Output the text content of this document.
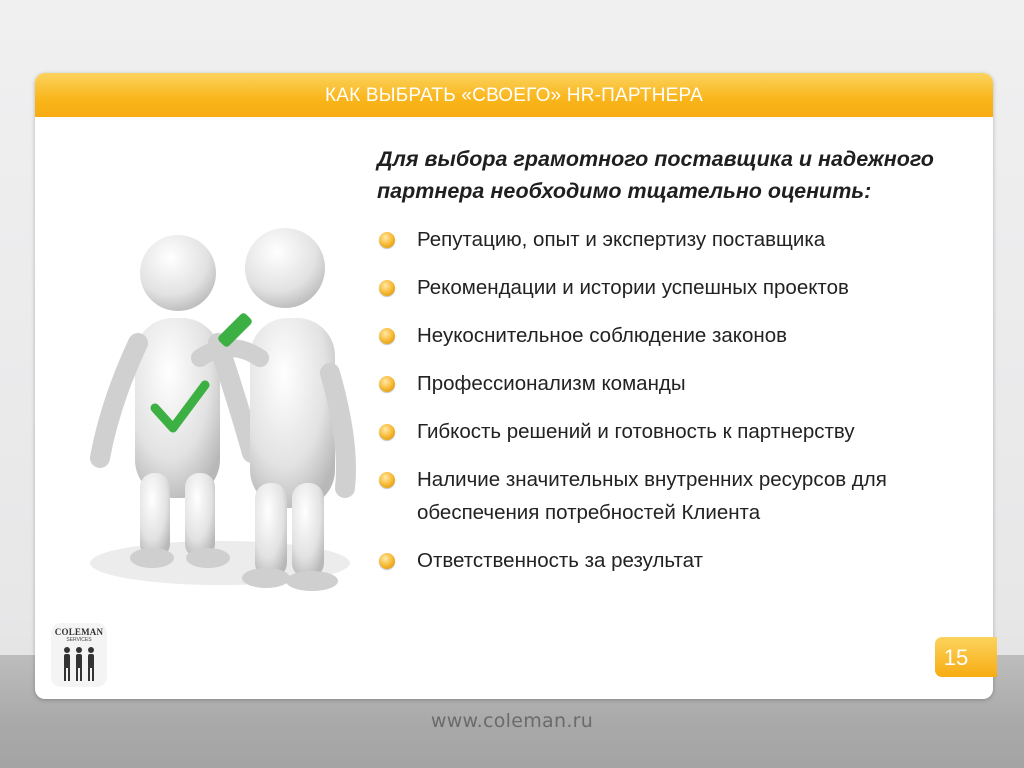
КАК ВЫБРАТЬ «СВОЕГО» HR-ПАРТНЕРА

Для выбора грамотного поставщика и надежного партнера необходимо тщательно оценить:

Репутацию, опыт и экспертизу поставщика
Рекомендации и истории успешных проектов
Неукоснительное соблюдение законов
Профессионализм команды
Гибкость решений и готовность к партнерству
Наличие значительных внутренних ресурсов для обеспечения потребностей Клиента
Ответственность за результат
COLEMAN
SERVICES
15
www.coleman.ru
